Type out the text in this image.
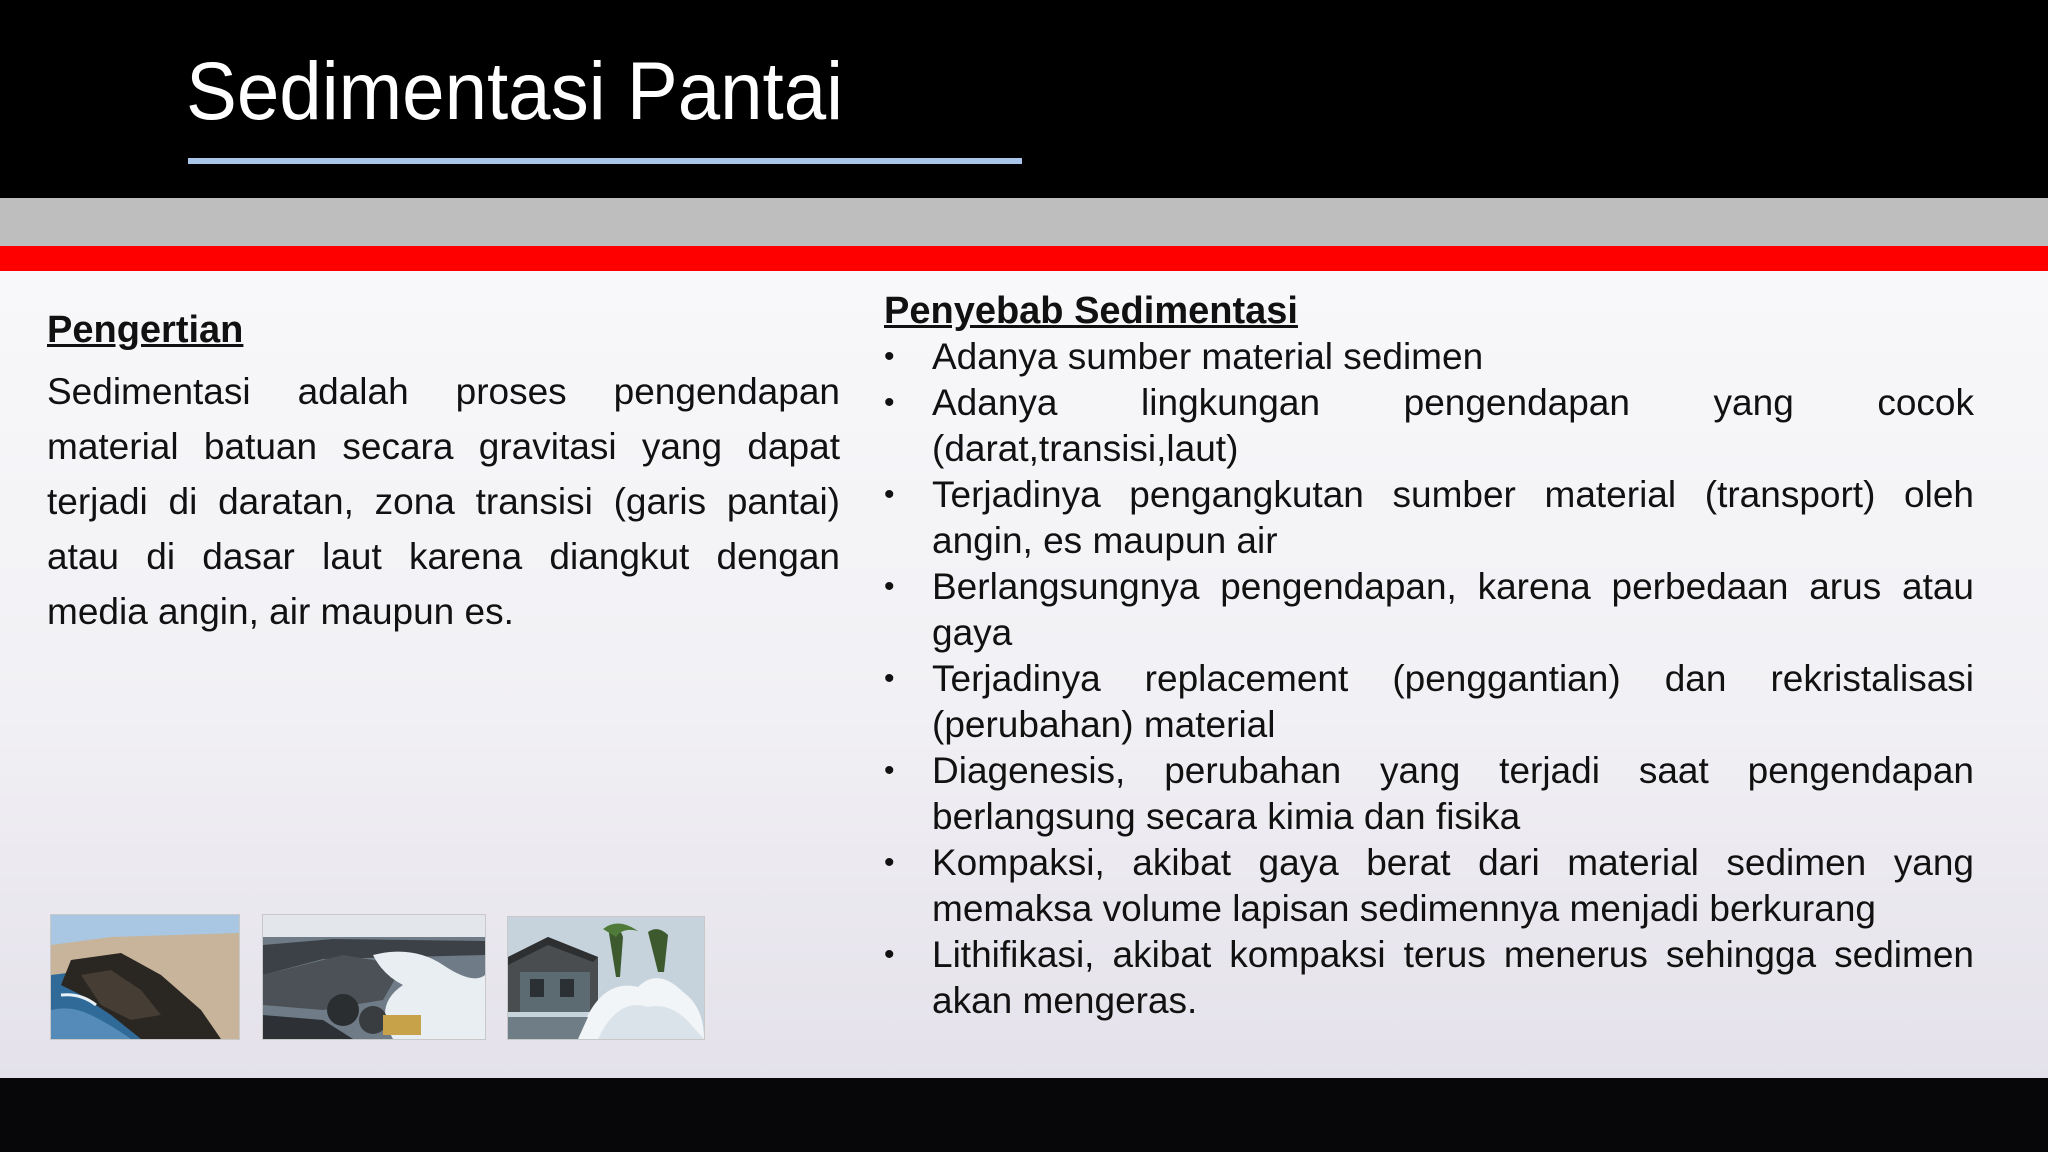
Sedimentasi Pantai
Pengertian
Sedimentasi adalah proses pengendapan material batuan secara gravitasi yang dapat terjadi di daratan, zona transisi (garis pantai) atau di dasar laut karena diangkut dengan media angin, air maupun es.
Penyebab Sedimentasi
• Adanya sumber material sedimen
• Adanya lingkungan pengendapan yang cocok (darat,transisi,laut)
• Terjadinya pengangkutan sumber material (transport) oleh angin, es maupun air
• Berlangsungnya pengendapan, karena perbedaan arus atau gaya
• Terjadinya replacement (penggantian) dan rekristalisasi (perubahan) material
• Diagenesis, perubahan yang terjadi saat pengendapan berlangsung secara kimia dan fisika
• Kompaksi, akibat gaya berat dari material sedimen yang memaksa volume lapisan sedimennya menjadi berkurang
• Lithifikasi, akibat kompaksi terus menerus sehingga sedimen akan mengeras.
